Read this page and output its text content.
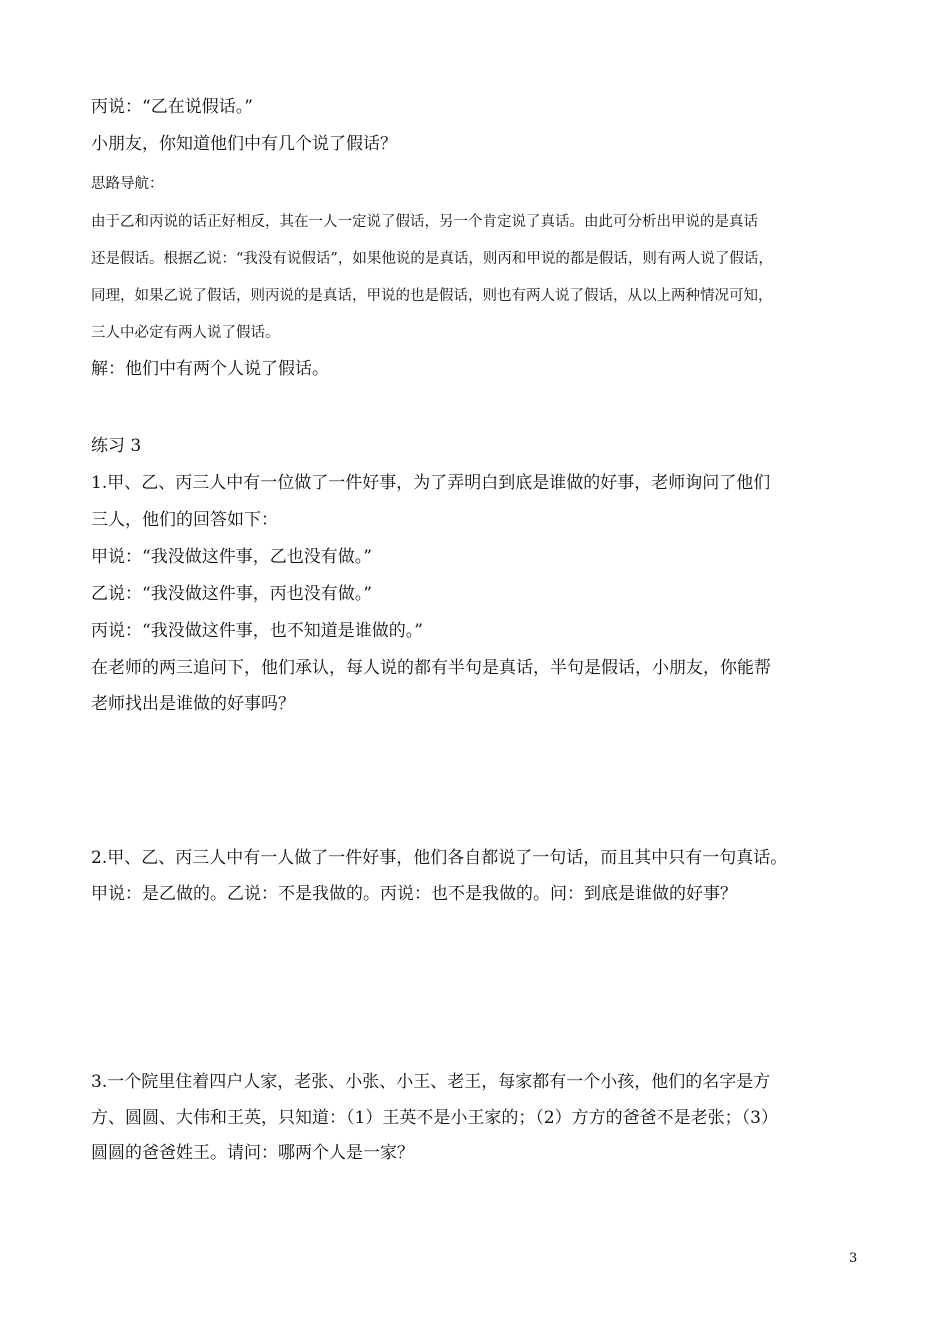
丙说：“乙在说假话。”
小朋友，你知道他们中有几个说了假话？
思路导航：
由于乙和丙说的话正好相反，其在一人一定说了假话，另一个肯定说了真话。由此可分析出甲说的是真话
还是假话。根据乙说：“我没有说假话”，如果他说的是真话，则丙和甲说的都是假话，则有两人说了假话，
同理，如果乙说了假话，则丙说的是真话，甲说的也是假话，则也有两人说了假话，从以上两种情况可知，
三人中必定有两人说了假话。
解：他们中有两个人说了假话。
练习 3
1.甲、乙、丙三人中有一位做了一件好事，为了弄明白到底是谁做的好事，老师询问了他们
三人，他们的回答如下：
甲说：“我没做这件事，乙也没有做。”
乙说：“我没做这件事，丙也没有做。”
丙说：“我没做这件事，也不知道是谁做的。”
在老师的两三追问下，他们承认，每人说的都有半句是真话，半句是假话，小朋友，你能帮
老师找出是谁做的好事吗？
2.甲、乙、丙三人中有一人做了一件好事，他们各自都说了一句话，而且其中只有一句真话。
甲说：是乙做的。乙说：不是我做的。丙说：也不是我做的。问：到底是谁做的好事？
3.一个院里住着四户人家，老张、小张、小王、老王，每家都有一个小孩，他们的名字是方
方、圆圆、大伟和王英，只知道：（1）王英不是小王家的；（2）方方的爸爸不是老张；（3）
圆圆的爸爸姓王。请问：哪两个人是一家？
3
